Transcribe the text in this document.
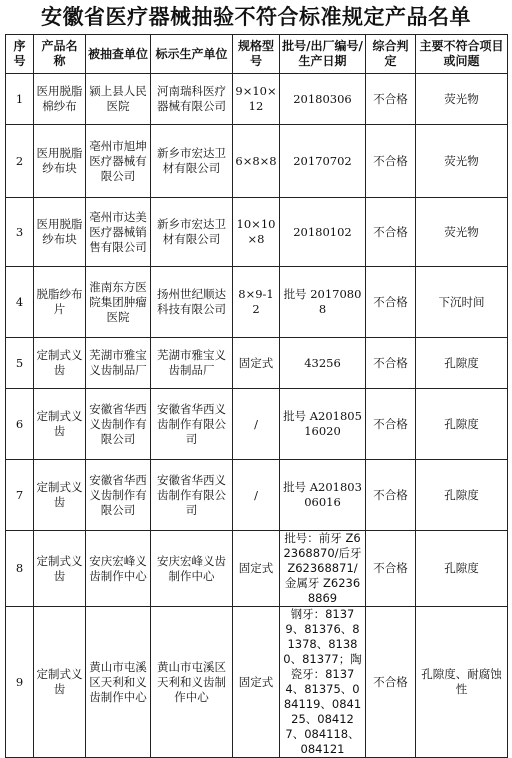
安徽省医疗器械抽验不符合标准规定产品名单
序号	产品名称	被抽查单位	标示生产单位	规格型号	批号/出厂编号/生产日期	综合判定	主要不符合项目或问题
1	医用脱脂棉纱布	颍上县人民医院	河南瑞科医疗器械有限公司	9×10×12	20180306	不合格	荧光物
2	医用脱脂纱布块	亳州市旭坤医疗器械有限公司	新乡市宏达卫材有限公司	6×8×8	20170702	不合格	荧光物
3	医用脱脂纱布块	亳州市达美医疗器械销售有限公司	新乡市宏达卫材有限公司	10×10×8	20180102	不合格	荧光物
4	脱脂纱布片	淮南东方医院集团肿瘤医院	扬州世纪顺达科技有限公司	8×9-12	批号 20170808	不合格	下沉时间
5	定制式义齿	芜湖市雅宝义齿制品厂	芜湖市雅宝义齿制品厂	固定式	43256	不合格	孔隙度
6	定制式义齿	安徽省华西义齿制作有限公司	安徽省华西义齿制作有限公司	/	批号 A20180516020	不合格	孔隙度
7	定制式义齿	安徽省华西义齿制作有限公司	安徽省华西义齿制作有限公司	/	批号 A20180306016	不合格	孔隙度
8	定制式义齿	安庆宏峰义齿制作中心	安庆宏峰义齿制作中心	固定式	批号：前牙 Z62368870/后牙 Z62368871/金属牙 Z62368869	不合格	孔隙度
9	定制式义齿	黄山市屯溪区天利和义齿制作中心	黄山市屯溪区天利和义齿制作中心	固定式	钢牙：81379、81376、81378、81380、81377；陶瓷牙：81374、81375、084119、084125、084127、084118、084121	不合格	孔隙度、耐腐蚀性
